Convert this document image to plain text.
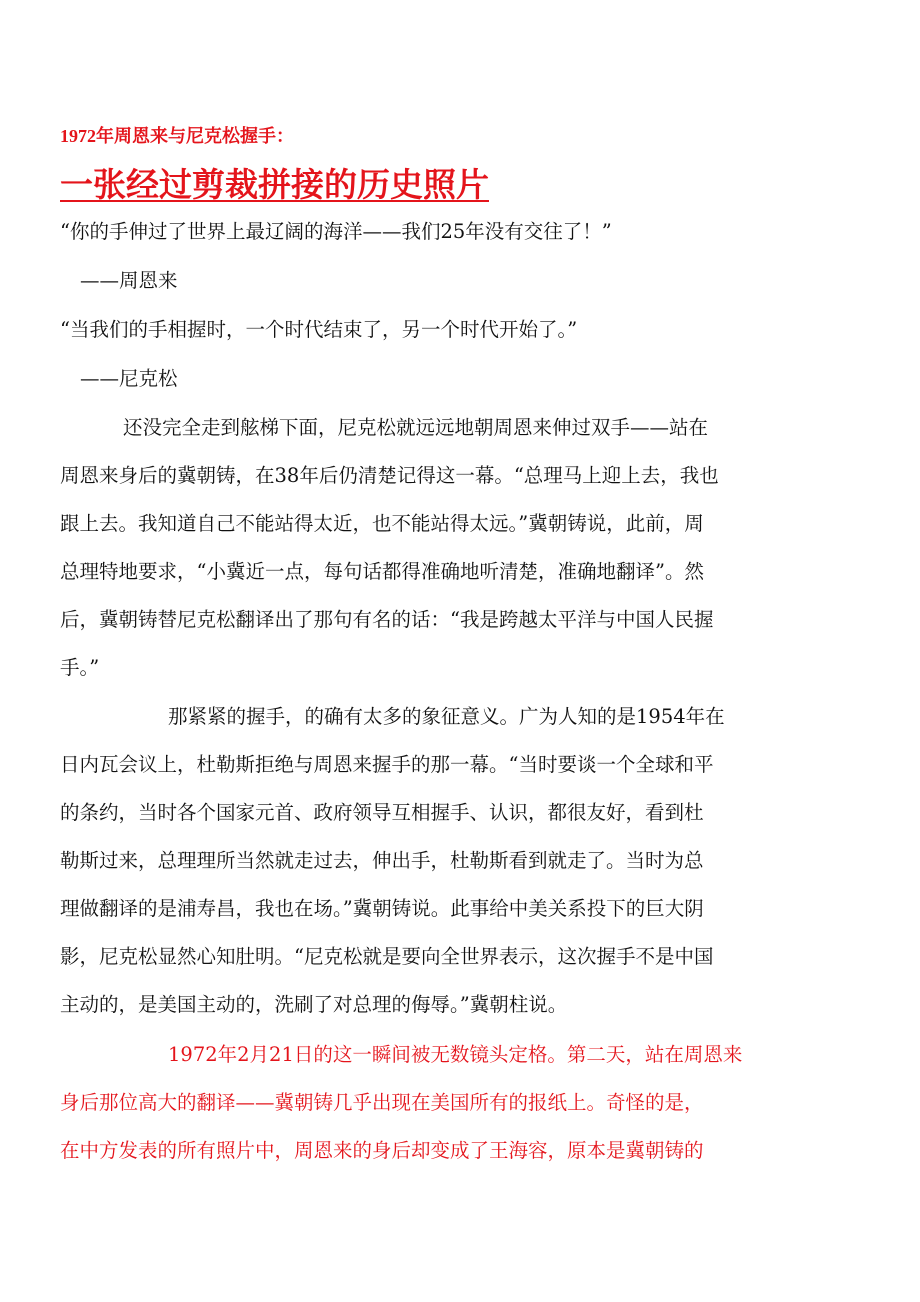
1972年周恩来与尼克松握手：
一张经过剪裁拼接的历史照片
“你的手伸过了世界上最辽阔的海洋——我们25年没有交往了！”
——周恩来
“当我们的手相握时，一个时代结束了，另一个时代开始了。”
——尼克松
还没完全走到舷梯下面，尼克松就远远地朝周恩来伸过双手——站在
周恩来身后的冀朝铸，在38年后仍清楚记得这一幕。“总理马上迎上去，我也
跟上去。我知道自己不能站得太近，也不能站得太远。”冀朝铸说，此前，周
总理特地要求，“小冀近一点，每句话都得准确地听清楚，准确地翻译”。然
后，冀朝铸替尼克松翻译出了那句有名的话：“我是跨越太平洋与中国人民握
手。”
那紧紧的握手，的确有太多的象征意义。广为人知的是1954年在
日内瓦会议上，杜勒斯拒绝与周恩来握手的那一幕。“当时要谈一个全球和平
的条约，当时各个国家元首、政府领导互相握手、认识，都很友好，看到杜
勒斯过来，总理理所当然就走过去，伸出手，杜勒斯看到就走了。当时为总
理做翻译的是浦寿昌，我也在场。”冀朝铸说。此事给中美关系投下的巨大阴
影，尼克松显然心知肚明。“尼克松就是要向全世界表示，这次握手不是中国
主动的，是美国主动的，洗刷了对总理的侮辱。”冀朝柱说。
1972年2月21日的这一瞬间被无数镜头定格。第二天，站在周恩来
身后那位高大的翻译——冀朝铸几乎出现在美国所有的报纸上。奇怪的是，
在中方发表的所有照片中，周恩来的身后却变成了王海容，原本是冀朝铸的
